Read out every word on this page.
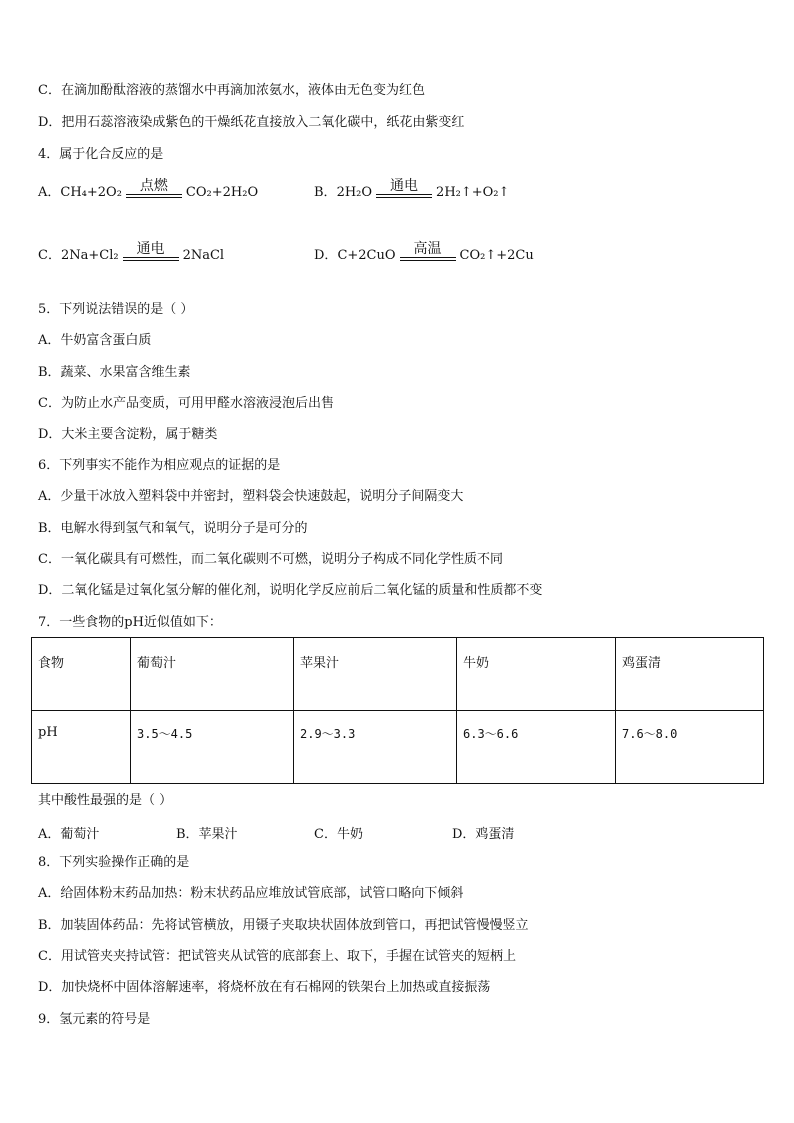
C．在滴加酚酞溶液的蒸馏水中再滴加浓氨水，液体由无色变为红色
D．把用石蕊溶液染成紫色的干燥纸花直接放入二氧化碳中，纸花由紫变红
4．属于化合反应的是
A．CH₄+2O₂	点燃	CO₂+2H₂O	B．2H₂O	通电	2H₂↑+O₂↑
C．2Na+Cl₂	通电	2NaCl	D．C+2CuO	高温	CO₂↑+2Cu
5．下列说法错误的是（ ）
A．牛奶富含蛋白质
B．蔬菜、水果富含维生素
C．为防止水产品变质，可用甲醛水溶液浸泡后出售
D．大米主要含淀粉，属于糖类
6．下列事实不能作为相应观点的证据的是
A．少量干冰放入塑料袋中并密封，塑料袋会快速鼓起，说明分子间隔变大
B．电解水得到氢气和氧气，说明分子是可分的
C．一氧化碳具有可燃性，而二氧化碳则不可燃，说明分子构成不同化学性质不同
D．二氧化锰是过氧化氢分解的催化剂，说明化学反应前后二氧化锰的质量和性质都不变
7．一些食物的pH近似值如下：
食物	葡萄汁	苹果汁	牛奶	鸡蛋清
pH	3.5～4.5	2.9～3.3	6.3～6.6	7.6～8.0
其中酸性最强的是（ ）
A．葡萄汁	B．苹果汁	C．牛奶	D．鸡蛋清
8．下列实验操作正确的是
A．给固体粉末药品加热：粉末状药品应堆放试管底部，试管口略向下倾斜
B．加装固体药品：先将试管横放，用镊子夹取块状固体放到管口，再把试管慢慢竖立
C．用试管夹夹持试管：把试管夹从试管的底部套上、取下，手握在试管夹的短柄上
D．加快烧杯中固体溶解速率，将烧杯放在有石棉网的铁架台上加热或直接振荡
9．氢元素的符号是
